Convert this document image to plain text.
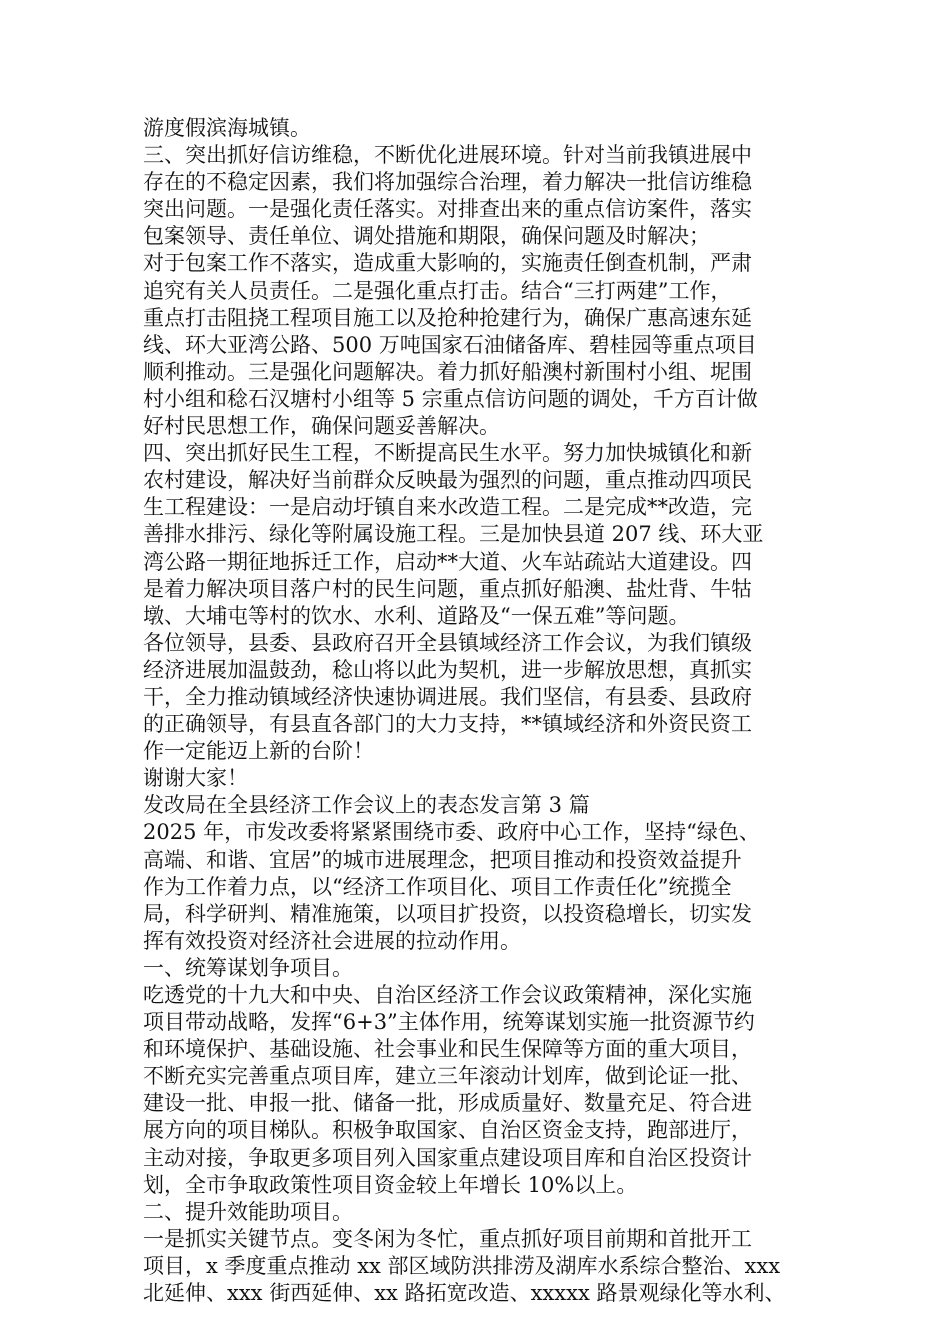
游度假滨海城镇。
三、突出抓好信访维稳，不断优化进展环境。针对当前我镇进展中
存在的不稳定因素，我们将加强综合治理，着力解决一批信访维稳
突出问题。一是强化责任落实。对排查出来的重点信访案件，落实
包案领导、责任单位、调处措施和期限，确保问题及时解决；
对于包案工作不落实，造成重大影响的，实施责任倒查机制，严肃
追究有关人员责任。二是强化重点打击。结合“三打两建”工作，
重点打击阻挠工程项目施工以及抢种抢建行为，确保广惠高速东延
线、环大亚湾公路、500 万吨国家石油储备库、碧桂园等重点项目
顺利推动。三是强化问题解决。着力抓好船澳村新围村小组、坭围
村小组和稔石汉塘村小组等 5 宗重点信访问题的调处，千方百计做
好村民思想工作，确保问题妥善解决。
四、突出抓好民生工程，不断提高民生水平。努力加快城镇化和新
农村建设，解决好当前群众反映最为强烈的问题，重点推动四项民
生工程建设：一是启动圩镇自来水改造工程。二是完成**改造，完
善排水排污、绿化等附属设施工程。三是加快县道 207 线、环大亚
湾公路一期征地拆迁工作，启动**大道、火车站疏站大道建设。四
是着力解决项目落户村的民生问题，重点抓好船澳、盐灶背、牛牯
墩、大埔屯等村的饮水、水利、道路及“一保五难”等问题。
各位领导，县委、县政府召开全县镇域经济工作会议，为我们镇级
经济进展加温鼓劲，稔山将以此为契机，进一步解放思想，真抓实
干，全力推动镇域经济快速协调进展。我们坚信，有县委、县政府
的正确领导，有县直各部门的大力支持，**镇域经济和外资民资工
作一定能迈上新的台阶！
谢谢大家！
发改局在全县经济工作会议上的表态发言第 3 篇
2025 年，市发改委将紧紧围绕市委、政府中心工作，坚持“绿色、
高端、和谐、宜居”的城市进展理念，把项目推动和投资效益提升
作为工作着力点，以“经济工作项目化、项目工作责任化”统揽全
局，科学研判、精准施策，以项目扩投资，以投资稳增长，切实发
挥有效投资对经济社会进展的拉动作用。
一、统筹谋划争项目。
吃透党的十九大和中央、自治区经济工作会议政策精神，深化实施
项目带动战略，发挥“6+3”主体作用，统筹谋划实施一批资源节约
和环境保护、基础设施、社会事业和民生保障等方面的重大项目，
不断充实完善重点项目库，建立三年滚动计划库，做到论证一批、
建设一批、申报一批、储备一批，形成质量好、数量充足、符合进
展方向的项目梯队。积极争取国家、自治区资金支持，跑部进厅，
主动对接，争取更多项目列入国家重点建设项目库和自治区投资计
划，全市争取政策性项目资金较上年增长 10%以上。
二、提升效能助项目。
一是抓实关键节点。变冬闲为冬忙，重点抓好项目前期和首批开工
项目，x 季度重点推动 xx 部区域防洪排涝及湖库水系综合整治、xxx
北延伸、xxx 街西延伸、xx 路拓宽改造、xxxxx 路景观绿化等水利、
